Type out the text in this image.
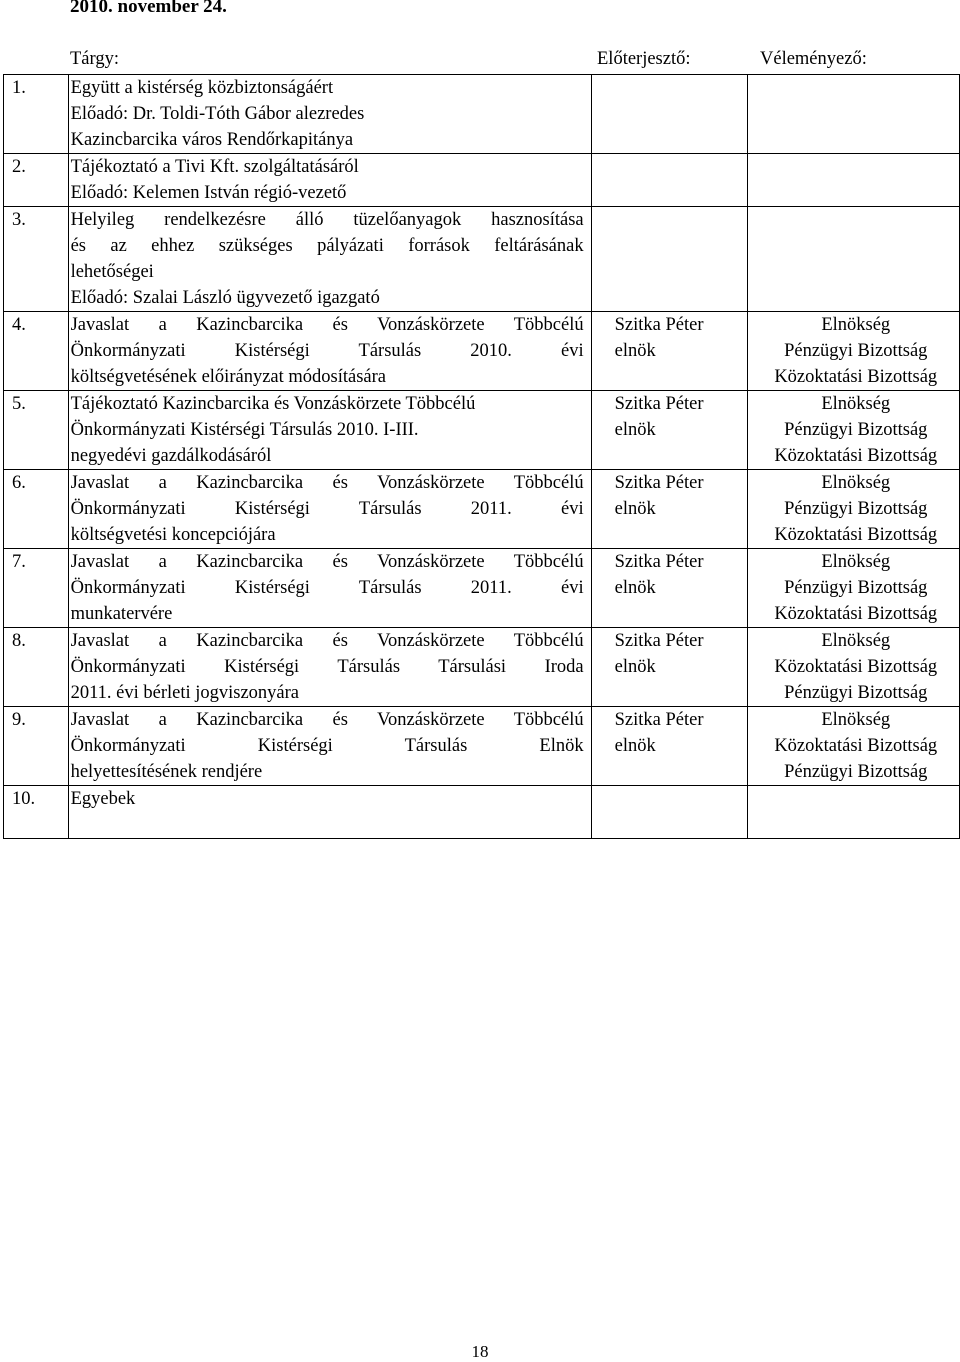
2010. november 24.
Tárgy:	Előterjesztő:	Véleményező:
1.	Együtt a kistérség közbiztonságáért
Előadó: Dr. Toldi-Tóth Gábor alezredes
Kazincbarcika város Rendőrkapitánya		

2.	Tájékoztató a Tivi Kft. szolgáltatásáról
Előadó: Kelemen István régió-vezető		

3.	Helyileg rendelkezésre álló tüzelőanyagok hasznosítása
és az ehhez szükséges pályázati források feltárásának
lehetőségei
Előadó: Szalai László ügyvezető igazgató		

4.	Javaslat a Kazincbarcika és Vonzáskörzete Többcélú
Önkormányzati Kistérségi Társulás 2010. évi
költségvetésének előirányzat módosítására	Szitka Péter
elnök	Elnökség
Pénzügyi Bizottság
Közoktatási Bizottság

5.	Tájékoztató Kazincbarcika és Vonzáskörzete Többcélú
Önkormányzati Kistérségi Társulás 2010. I-III.
negyedévi gazdálkodásáról	Szitka Péter
elnök	Elnökség
Pénzügyi Bizottság
Közoktatási Bizottság

6.	Javaslat a Kazincbarcika és Vonzáskörzete Többcélú
Önkormányzati Kistérségi Társulás 2011. évi
költségvetési koncepciójára	Szitka Péter
elnök	Elnökség
Pénzügyi Bizottság
Közoktatási Bizottság

7.	Javaslat a Kazincbarcika és Vonzáskörzete Többcélú
Önkormányzati Kistérségi Társulás 2011. évi
munkatervére	Szitka Péter
elnök	Elnökség
Pénzügyi Bizottság
Közoktatási Bizottság

8.	Javaslat a Kazincbarcika és Vonzáskörzete Többcélú
Önkormányzati Kistérségi Társulás Társulási Iroda
2011. évi bérleti jogviszonyára	Szitka Péter
elnök	Elnökség
Közoktatási Bizottság
Pénzügyi Bizottság

9.	Javaslat a Kazincbarcika és Vonzáskörzete Többcélú
Önkormányzati Kistérségi Társulás Elnök
helyettesítésének rendjére	Szitka Péter
elnök	Elnökség
Közoktatási Bizottság
Pénzügyi Bizottság

10.	Egyebek		

18
